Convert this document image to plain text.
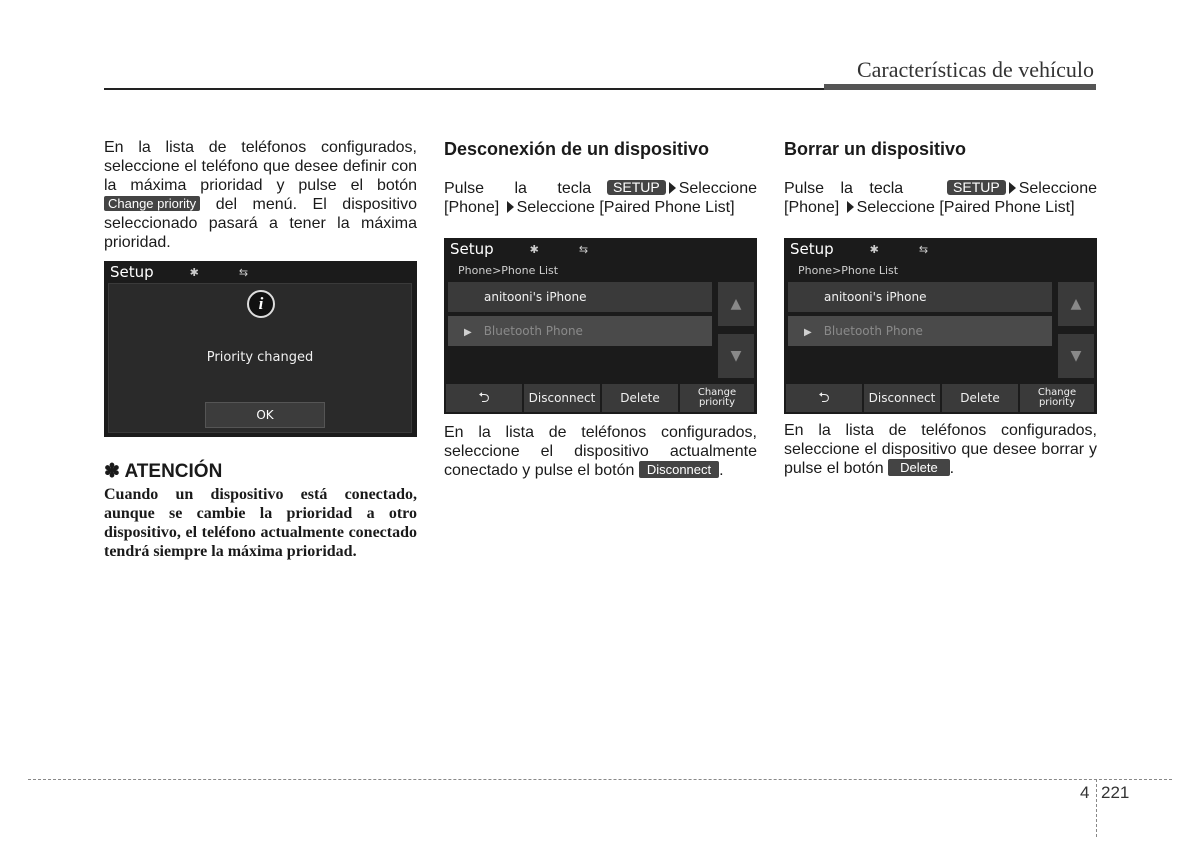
Características de vehículo
En la lista de teléfonos configurados, seleccione el teléfono que desee definir con la máxima prioridad y pulse el botón Change priority del menú. El dispositivo seleccionado pasará a tener la máxima prioridad.
Setup	✱	⇆
i
Priority changed
OK
✽ ATENCIÓN
Cuando un dispositivo está conectado, aunque se cambie la prioridad a otro dispositivo, el teléfono actualmente conectado tendrá siempre la máxima prioridad.
Desconexión de un dispositivo
Pulse la tecla	SETUP Seleccione
[Phone] Seleccione [Paired Phone List]
Setup	✱	⇆
Phone>Phone List
anitooni's iPhone
▶ Bluetooth Phone
▲
▼
⮌	Disconnect	Delete	Change
priority
En la lista de teléfonos configurados, seleccione el dispositivo actualmente conectado y pulse el botón Disconnect .
Borrar un dispositivo
Pulse la tecla	SETUP Seleccione
[Phone] Seleccione [Paired Phone List]
Setup	✱	⇆
Phone>Phone List
anitooni's iPhone
▶ Bluetooth Phone
▲
▼
⮌	Disconnect	Delete	Change
priority
En la lista de teléfonos configurados, seleccione el dispositivo que desee borrar y pulse el botón Delete .
4 221
